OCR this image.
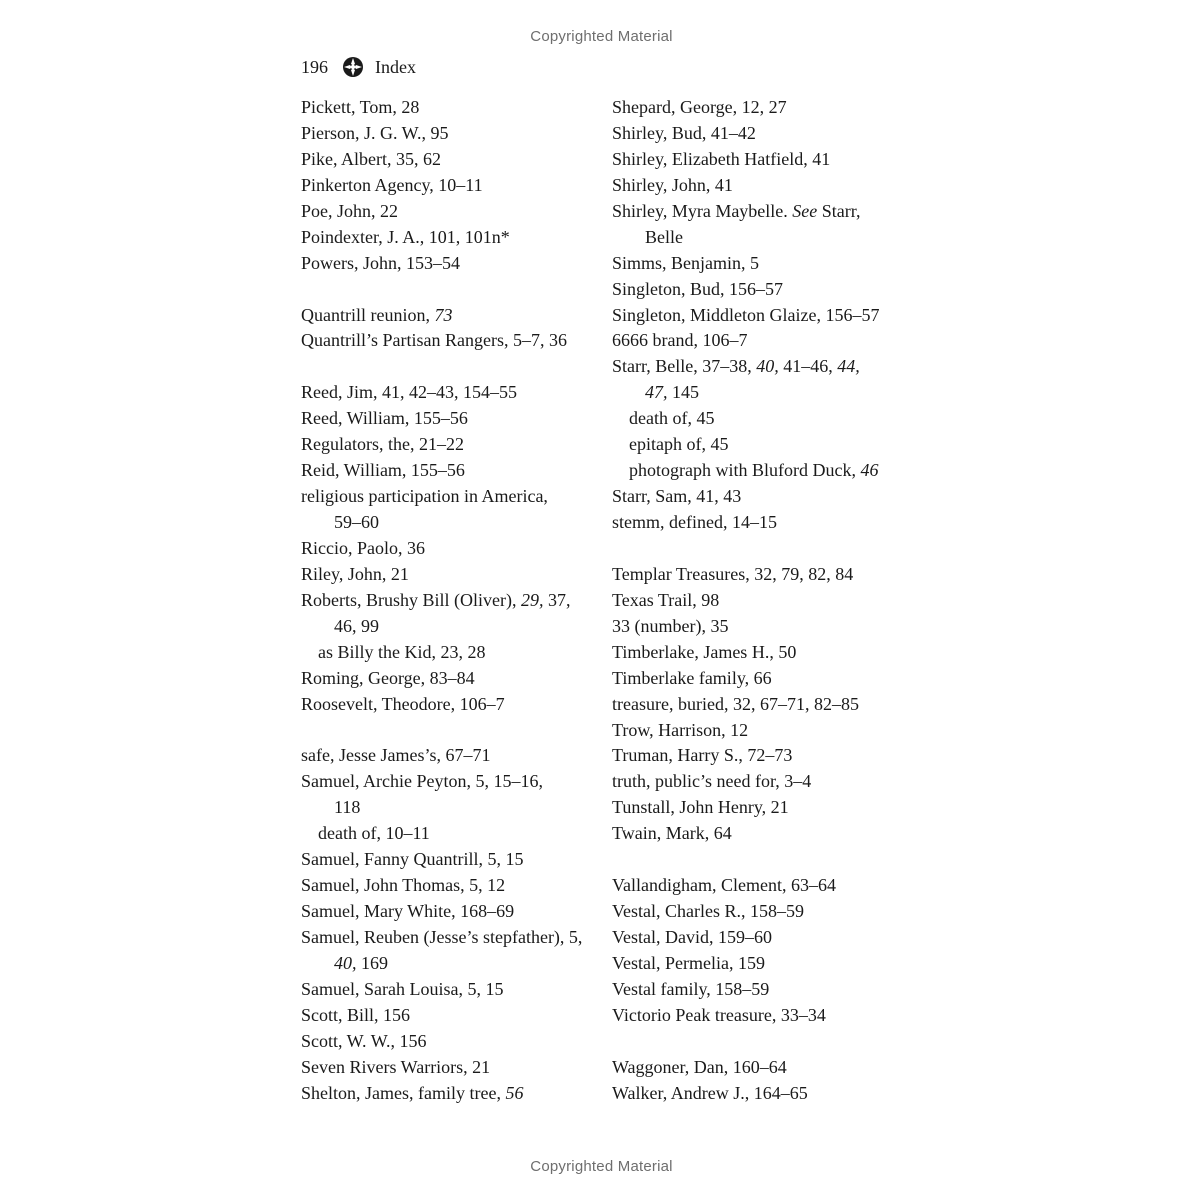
Copyrighted Material
196	Index
Pickett, Tom, 28
Pierson, J. G. W., 95
Pike, Albert, 35, 62
Pinkerton Agency, 10–11
Poe, John, 22
Poindexter, J. A., 101, 101n*
Powers, John, 153–54
Quantrill reunion, 73
Quantrill’s Partisan Rangers, 5–7, 36
Reed, Jim, 41, 42–43, 154–55
Reed, William, 155–56
Regulators, the, 21–22
Reid, William, 155–56
religious participation in America,
59–60
Riccio, Paolo, 36
Riley, John, 21
Roberts, Brushy Bill (Oliver), 29, 37,
46, 99
as Billy the Kid, 23, 28
Roming, George, 83–84
Roosevelt, Theodore, 106–7
safe, Jesse James’s, 67–71
Samuel, Archie Peyton, 5, 15–16,
118
death of, 10–11
Samuel, Fanny Quantrill, 5, 15
Samuel, John Thomas, 5, 12
Samuel, Mary White, 168–69
Samuel, Reuben (Jesse’s stepfather), 5,
40, 169
Samuel, Sarah Louisa, 5, 15
Scott, Bill, 156
Scott, W. W., 156
Seven Rivers Warriors, 21
Shelton, James, family tree, 56
Shepard, George, 12, 27
Shirley, Bud, 41–42
Shirley, Elizabeth Hatfield, 41
Shirley, John, 41
Shirley, Myra Maybelle. See Starr,
Belle
Simms, Benjamin, 5
Singleton, Bud, 156–57
Singleton, Middleton Glaize, 156–57
6666 brand, 106–7
Starr, Belle, 37–38, 40, 41–46, 44,
47, 145
death of, 45
epitaph of, 45
photograph with Bluford Duck, 46
Starr, Sam, 41, 43
stemm, defined, 14–15
Templar Treasures, 32, 79, 82, 84
Texas Trail, 98
33 (number), 35
Timberlake, James H., 50
Timberlake family, 66
treasure, buried, 32, 67–71, 82–85
Trow, Harrison, 12
Truman, Harry S., 72–73
truth, public’s need for, 3–4
Tunstall, John Henry, 21
Twain, Mark, 64
Vallandigham, Clement, 63–64
Vestal, Charles R., 158–59
Vestal, David, 159–60
Vestal, Permelia, 159
Vestal family, 158–59
Victorio Peak treasure, 33–34
Waggoner, Dan, 160–64
Walker, Andrew J., 164–65
Copyrighted Material
